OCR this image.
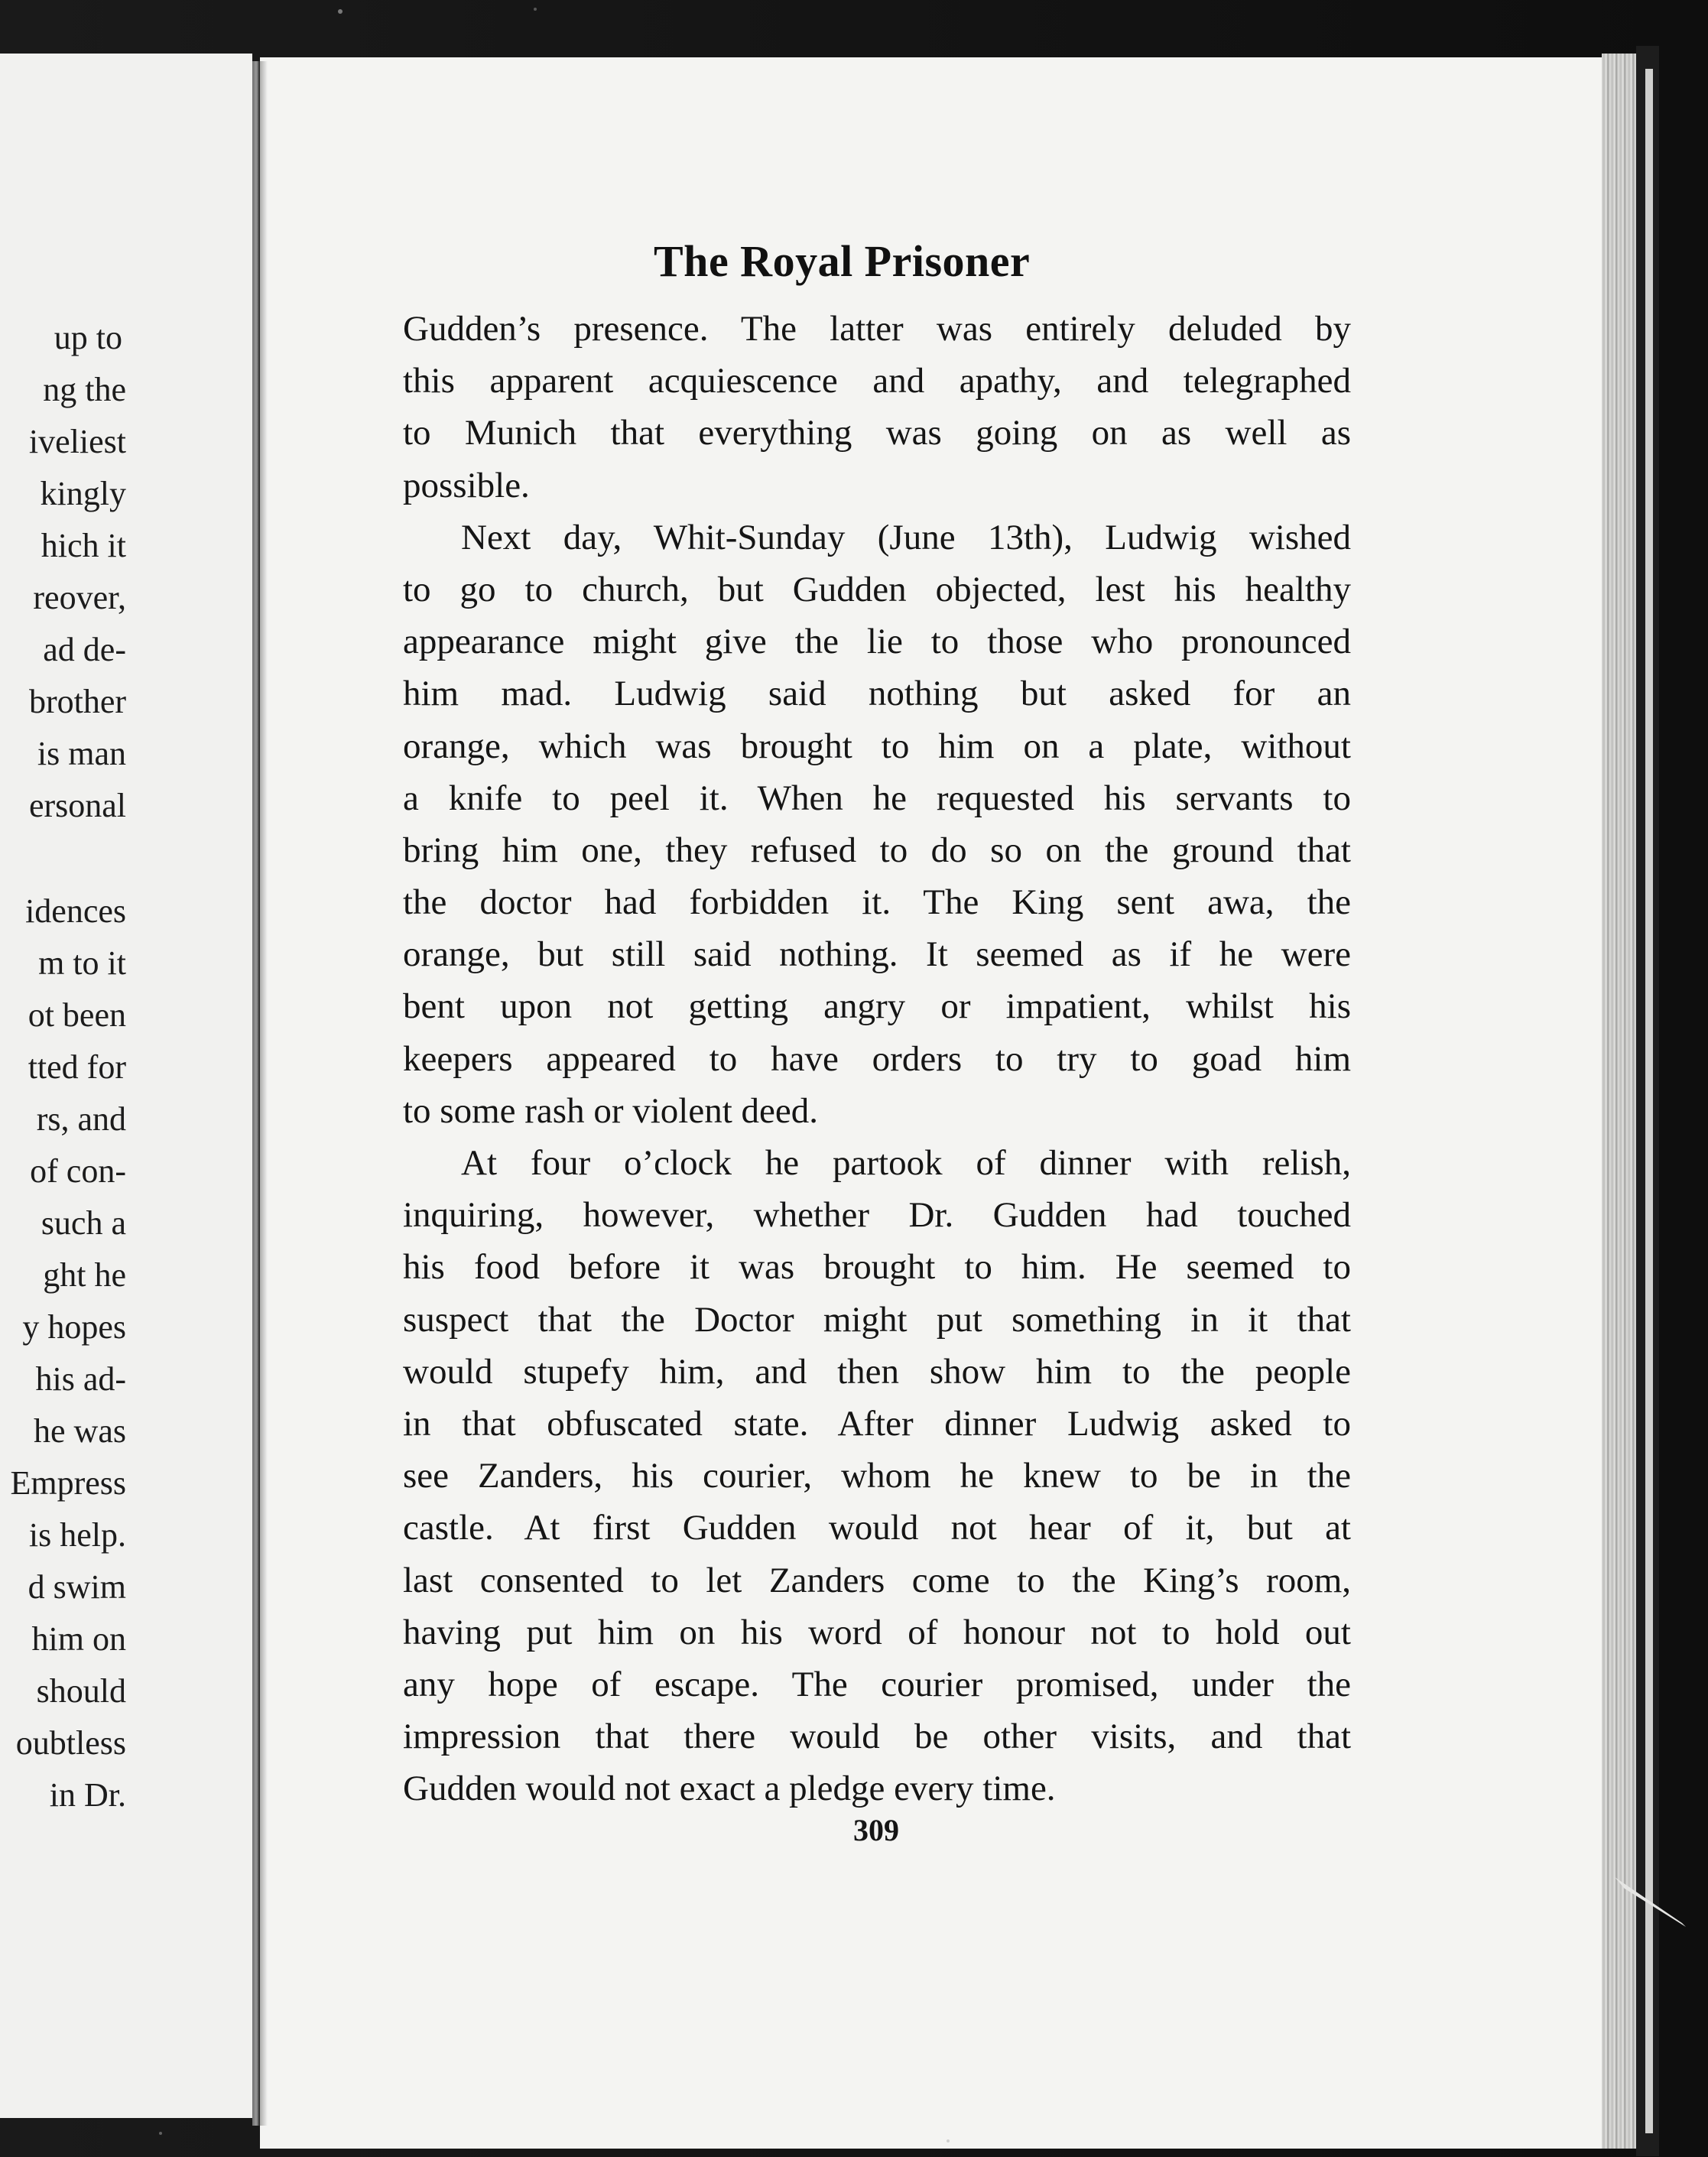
up to
ng the
iveliest
kingly
hich it
reover,
ad de-
brother
is man
ersonal
idences
m to it
ot been
tted for
rs, and
of con-
such a
ght he
y hopes
his ad-
he was
Empress
is help.
d swim
him on
should
oubtless
in Dr.
The Royal Prisoner
Gudden’s presence. The latter was entirely deluded by
this apparent acquiescence and apathy, and telegraphed
to Munich that everything was going on as well as
possible.
Next day, Whit-Sunday (June 13th), Ludwig wished
to go to church, but Gudden objected, lest his healthy
appearance might give the lie to those who pronounced
him mad. Ludwig said nothing but asked for an
orange, which was brought to him on a plate, without
a knife to peel it. When he requested his servants to
bring him one, they refused to do so on the ground that
the doctor had forbidden it. The King sent awa, the
orange, but still said nothing. It seemed as if he were
bent upon not getting angry or impatient, whilst his
keepers appeared to have orders to try to goad him
to some rash or violent deed.
At four o’clock he partook of dinner with relish,
inquiring, however, whether Dr. Gudden had touched
his food before it was brought to him. He seemed to
suspect that the Doctor might put something in it that
would stupefy him, and then show him to the people
in that obfuscated state. After dinner Ludwig asked to
see Zanders, his courier, whom he knew to be in the
castle. At first Gudden would not hear of it, but at
last consented to let Zanders come to the King’s room,
having put him on his word of honour not to hold out
any hope of escape. The courier promised, under the
impression that there would be other visits, and that
Gudden would not exact a pledge every time.
309
